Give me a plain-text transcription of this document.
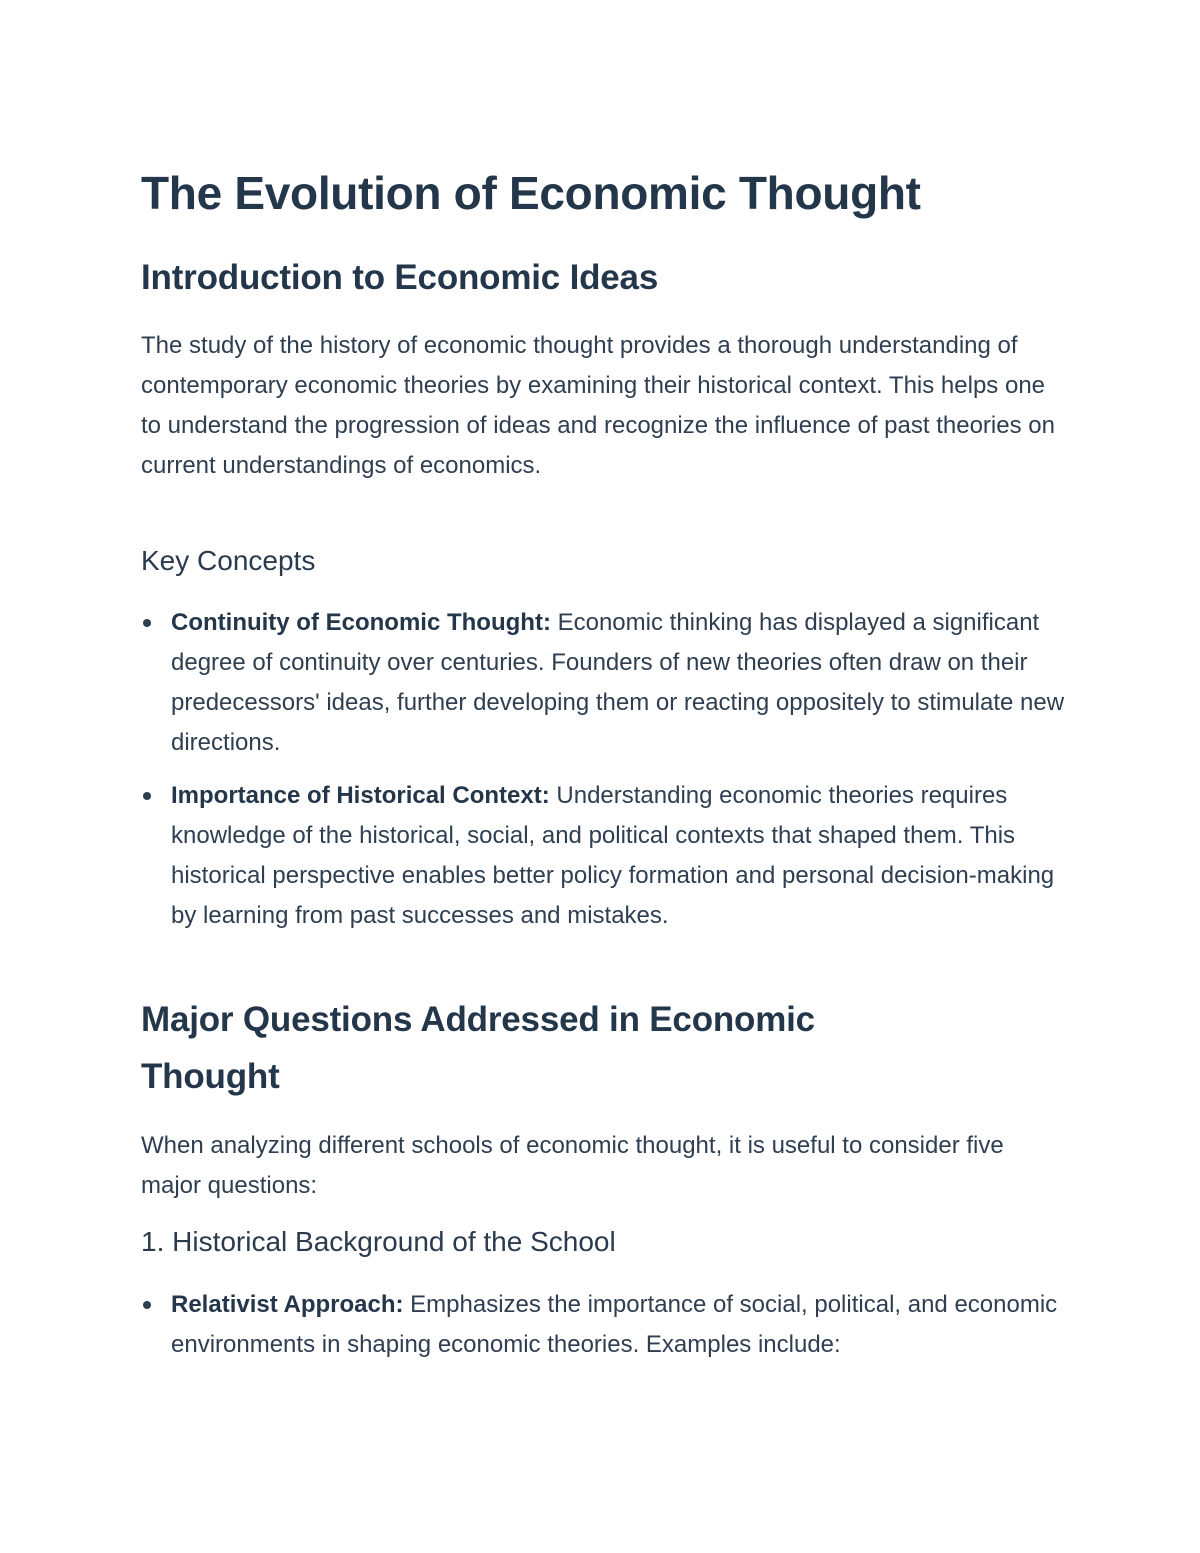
The Evolution of Economic Thought
Introduction to Economic Ideas

The study of the history of economic thought provides a thorough understanding of contemporary economic theories by examining their historical context. This helps one to understand the progression of ideas and recognize the influence of past theories on current understandings of economics.

Key Concepts
Continuity of Economic Thought: Economic thinking has displayed a significant degree of continuity over centuries. Founders of new theories often draw on their predecessors' ideas, further developing them or reacting oppositely to stimulate new directions.
Importance of Historical Context: Understanding economic theories requires knowledge of the historical, social, and political contexts that shaped them. This historical perspective enables better policy formation and personal decision-making by learning from past successes and mistakes.
Major Questions Addressed in Economic
Thought

When analyzing different schools of economic thought, it is useful to consider five major questions:

1. Historical Background of the School
Relativist Approach: Emphasizes the importance of social, political, and economic environments in shaping economic theories. Examples include:
